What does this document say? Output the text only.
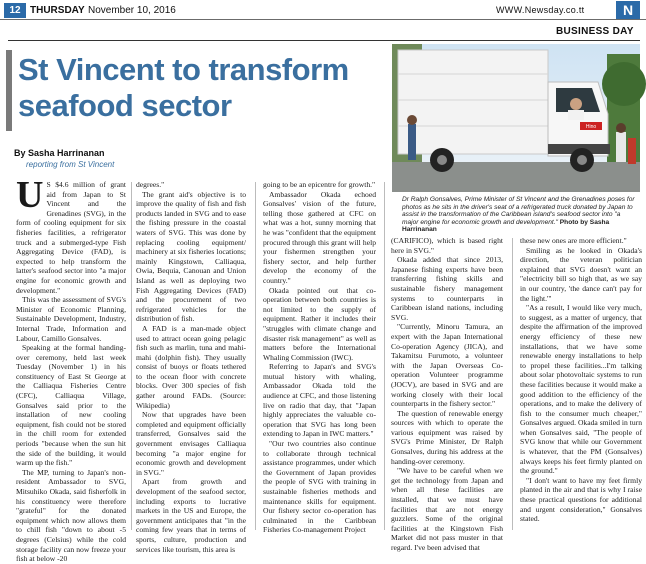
12 THURSDAY November 10, 2016	WWW.Newsday.co.tt	N
BUSINESS DAY
St Vincent to transform seafood sector
By Sasha Harrinanan
reporting from St Vincent
Hino
Dr Ralph Gonsalves, Prime Minister of St Vincent and the Grenadines poses for photos as he sits in the driver's seat of a refrigerated truck donated by Japan to assist in the transformation of the Caribbean island's seafood sector into "a major engine for economic growth and development." Photo by Sasha Harrinanan
U S $4.6 million of grant aid from Japan to St Vincent and the Grenadines (SVG), in the form of cooling equipment for six fisheries facilities, a refrigerator truck and a submerged-type Fish Aggregating Device (FAD), is expected to help transform the latter's seafood sector into "a major engine for economic growth and development."

This was the assessment of SVG's Minister of Economic Planning, Sustainable Development, Industry, Internal Trade, Information and Labour, Camillo Gonsalves.

Speaking at the formal handing-over ceremony, held last week Tuesday (November 1) in his constituency of East St George at the Calliaqua Fisheries Centre (CFC), Calliaqua Village, Gonsalves said prior to the installation of new cooling equipment, fish could not be stored in the chill room for extended periods "because when the sun hit the side of the building, it would warm up the fish."

The MP, turning to Japan's non-resident Ambassador to SVG, Mitsuhiko Okada, said fisherfolk in his constituency were therefore "grateful" for the donated equipment which now allows them to chill fish "down to about -5 degrees (Celsius) while the cold storage facility can now freeze your fish at below -20

degrees."

The grant aid's objective is to improve the quality of fish and fish products landed in SVG and to ease the fishing pressure in the coastal waters of SVG. This was done by replacing cooling equipment/ machinery at six fisheries locations; mainly Kingstown, Calliaqua, Owia, Bequia, Canouan and Union Island as well as deploying two Fish Aggregating Devices (FAD) and the procurement of two refrigerated vehicles for the distribution of fish.

A FAD is a man-made object used to attract ocean going pelagic fish such as marlin, tuna and mahi-mahi (dolphin fish). They usually consist of buoys or floats tethered to the ocean floor with concrete blocks. Over 300 species of fish gather around FADs. (Source: Wikipedia)

Now that upgrades have been completed and equipment officially transferred, Gonsalves said the government envisages Calliaqua becoming "a major engine for economic growth and development in SVG."

Apart from growth and development of the seafood sector, including exports to lucrative markets in the US and Europe, the government anticipates that "in the coming few years that in terms of sports, culture, production and services like tourism, this area is

going to be an epicentre for growth."

Ambassador Okada echoed Gonsalves' vision of the future, telling those gathered at CFC on what was a hot, sunny morning that he was "confident that the equipment procured through this grant will help your fishermen strengthen your fishery sector, and help further develop the economy of the country."

Okada pointed out that co-operation between both countries is not limited to the supply of equipment. Rather it includes their "struggles with climate change and disaster risk management" as well as matters before the International Whaling Commission (IWC).

Referring to Japan's and SVG's mutual history with whaling, Ambassador Okada told the audience at CFC, and those listening live on radio that day, that "Japan highly appreciates the valuable co-operation that SVG has long been extending to Japan in IWC matters."

"Our two countries also continue to collaborate through technical assistance programmes, under which the Government of Japan provides the people of SVG with training in sustainable fisheries methods and maintenance skills for equipment. Our fishery sector co-operation has culminated in the Caribbean Fisheries Co-management Project

(CARIFICO), which is based right here in SVG."

Okada added that since 2013, Japanese fishing experts have been transferring fishing skills and sustainable fishery management systems to counterparts in Caribbean island nations, including SVG.

"Currently, Minoru Tamura, an expert with the Japan International Co-operation Agency (JICA), and Takamitsu Furumoto, a volunteer with the Japan Overseas Co-operation Volunteer programme (JOCV), are based in SVG and are working closely with their local counterparts in the fishery sector."

The question of renewable energy sources with which to operate the various equipment was raised by SVG's Prime Minister, Dr Ralph Gonsalves, during his address at the handing-over ceremony.

"We have to be careful when we get the technology from Japan and when all these facilities are installed, that we must have facilities that are not energy guzzlers. Some of the original facilities at the Kingstown Fish Market did not pass muster in that regard. I've been advised that

these new ones are more efficient."

Smiling as he looked in Okada's direction, the veteran politician explained that SVG doesn't want an "electricity bill so high that, as we say in our country, 'the dance can't pay for the light.'"

"As a result, I would like very much, to suggest, as a matter of urgency, that despite the affirmation of the improved energy efficiency of these new installations, that we have some renewable energy installations to help to propel these facilities...I'm talking about solar photovoltaic systems to run these facilities because it would make a good addition to the efficiency of the operations, and to make the delivery of fish to the consumer much cheaper," Gonsalves argued. Okada smiled in turn when Gonsalves said, "The people of SVG know that while our Government is whatever, that the PM (Gonsalves) always keeps his feet firmly planted on the ground."

"I don't want to have my feet firmly planted in the air and that is why I raise these practical questions for additional and urgent consideration," Gonsalves stated.
